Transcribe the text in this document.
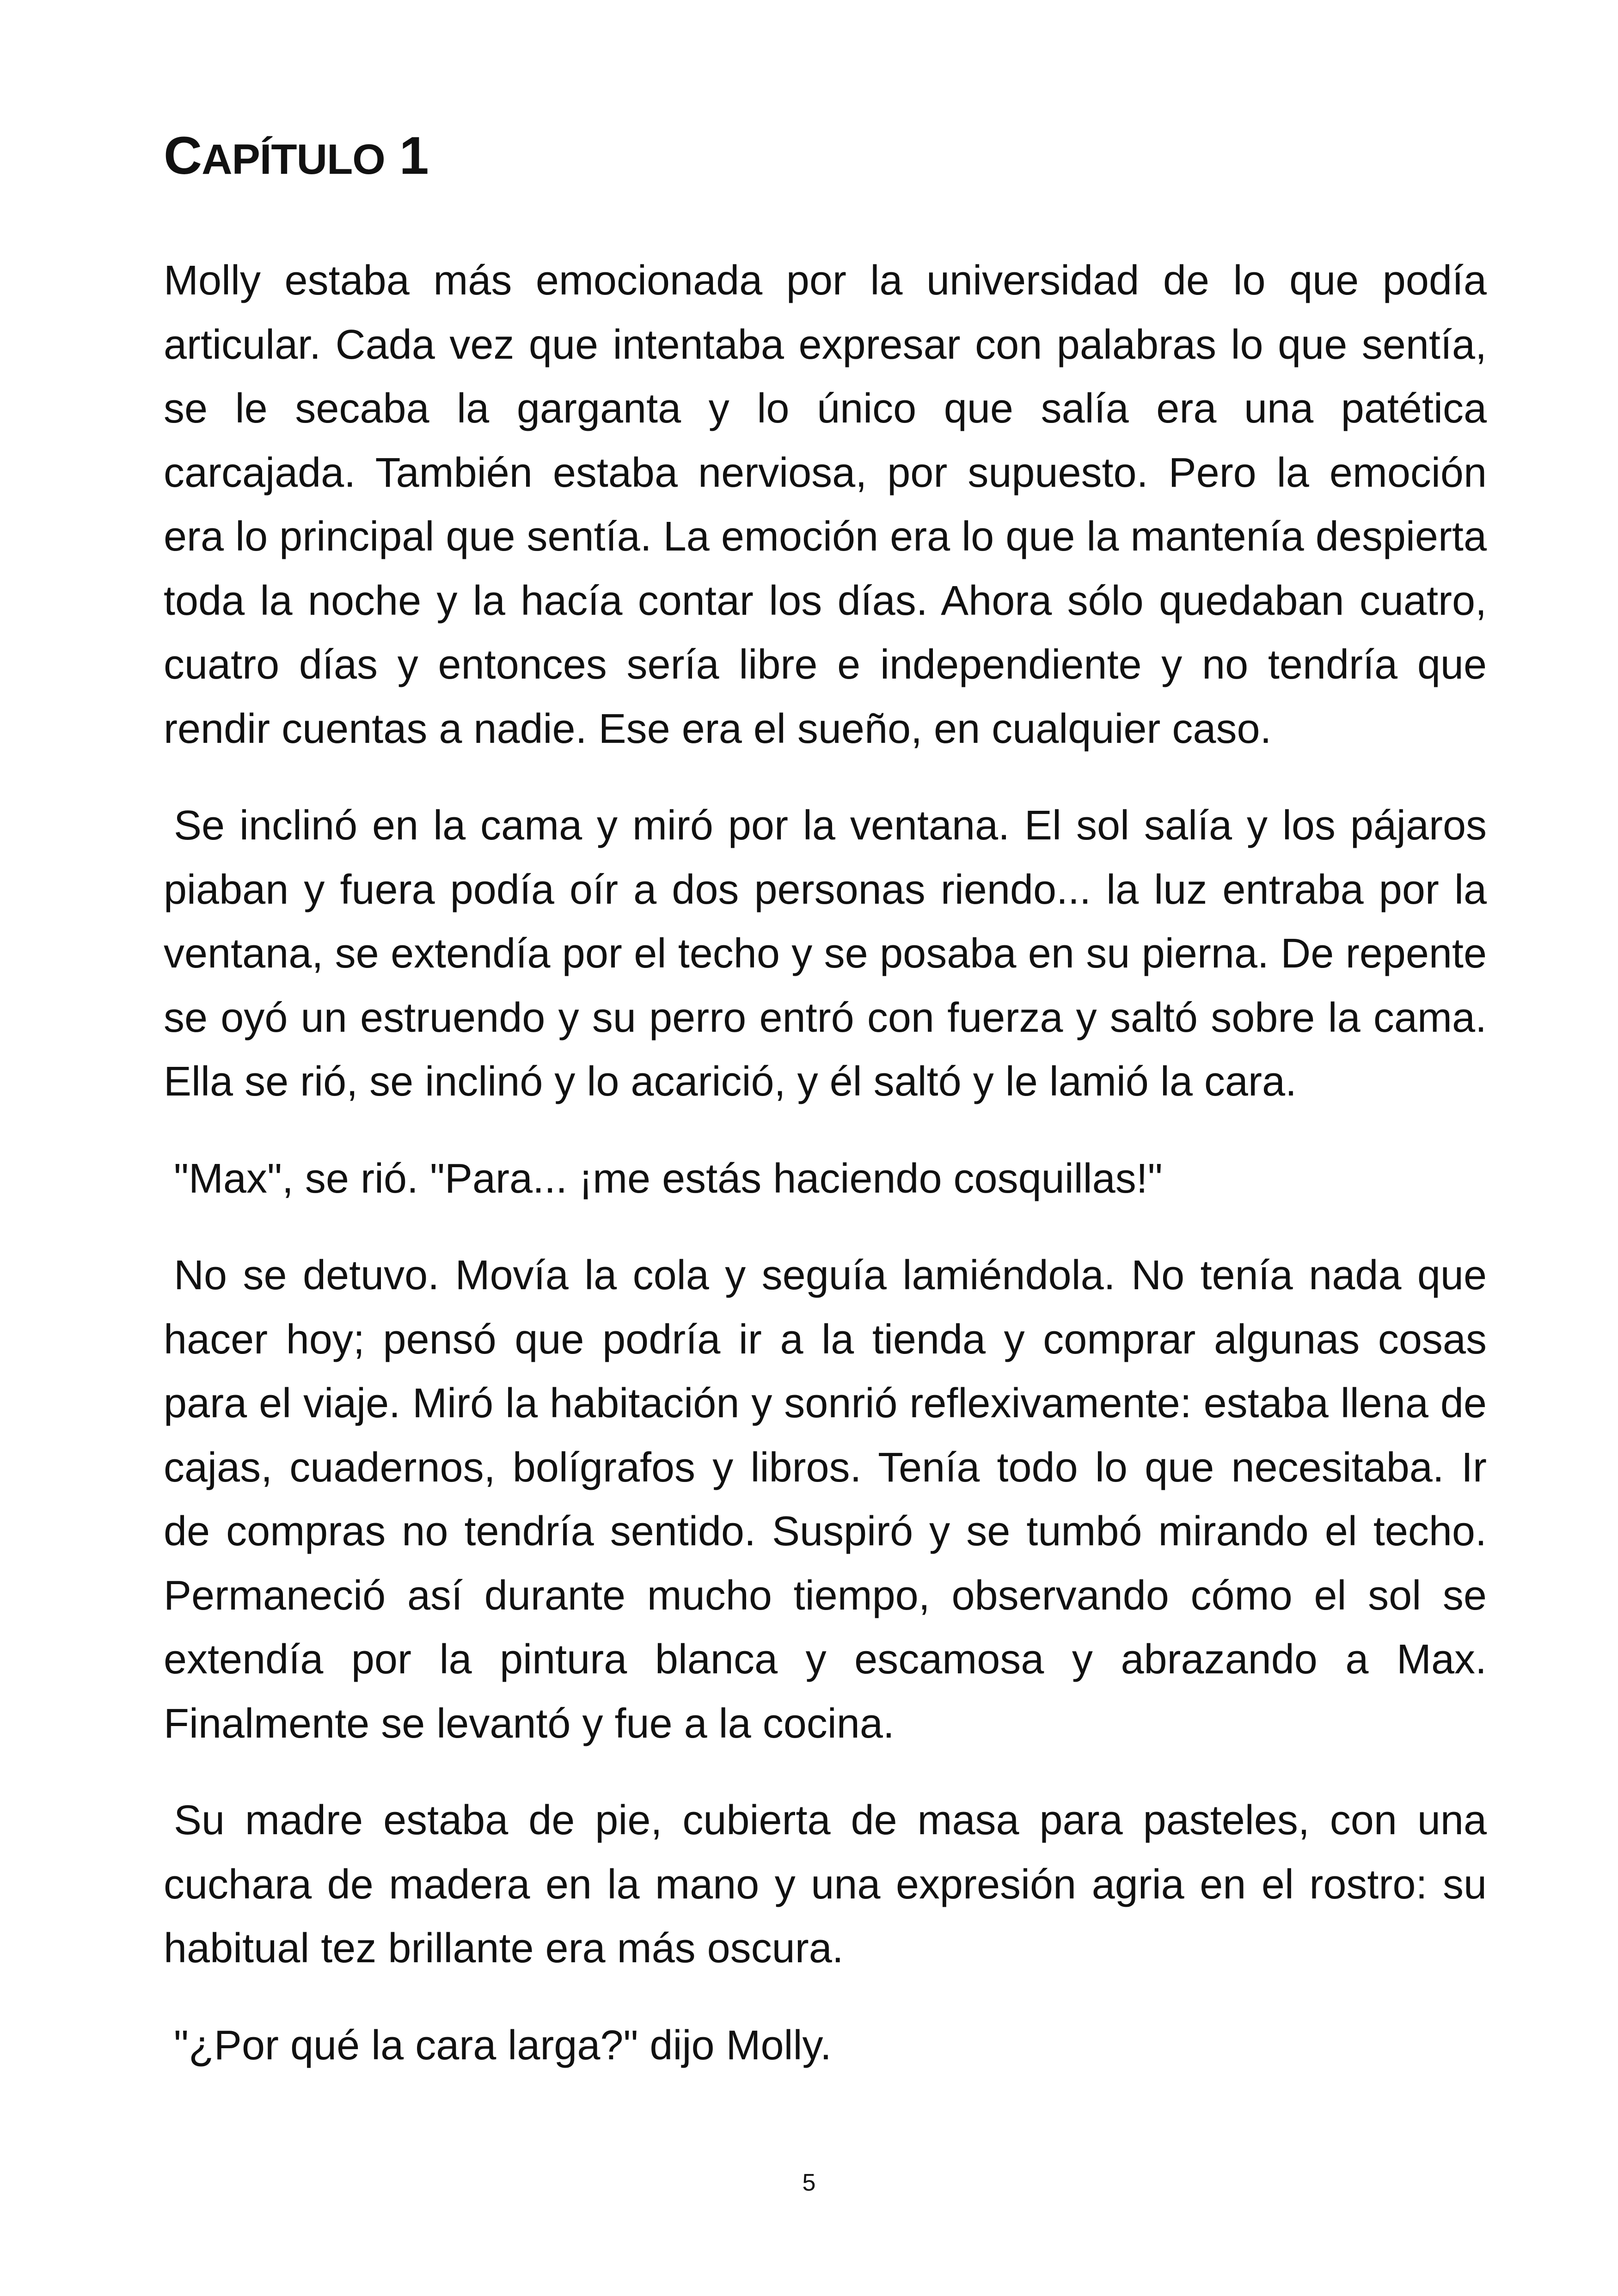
CAPÍTULO 1

Molly estaba más emocionada por la universidad de lo que podía articular. Cada vez que intentaba expresar con palabras lo que sentía, se le secaba la garganta y lo único que salía era una patética carcajada. También estaba nerviosa, por supuesto. Pero la emoción era lo principal que sentía. La emoción era lo que la mantenía despierta toda la noche y la hacía contar los días. Ahora sólo quedaban cuatro, cuatro días y entonces sería libre e independiente y no tendría que rendir cuentas a nadie. Ese era el sueño, en cualquier caso.

Se inclinó en la cama y miró por la ventana. El sol salía y los pájaros piaban y fuera podía oír a dos personas riendo... la luz entraba por la ventana, se extendía por el techo y se posaba en su pierna. De repente se oyó un estruendo y su perro entró con fuerza y saltó sobre la cama. Ella se rió, se inclinó y lo acarició, y él saltó y le lamió la cara.

"Max", se rió. "Para... ¡me estás haciendo cosquillas!"

No se detuvo. Movía la cola y seguía lamiéndola. No tenía nada que hacer hoy; pensó que podría ir a la tienda y comprar algunas cosas para el viaje. Miró la habitación y sonrió reflexivamente: estaba llena de cajas, cuadernos, bolígrafos y libros. Tenía todo lo que necesitaba. Ir de compras no tendría sentido. Suspiró y se tumbó mirando el techo. Permaneció así durante mucho tiempo, observando cómo el sol se extendía por la pintura blanca y escamosa y abrazando a Max. Finalmente se levantó y fue a la cocina.

Su madre estaba de pie, cubierta de masa para pasteles, con una cuchara de madera en la mano y una expresión agria en el rostro: su habitual tez brillante era más oscura.

"¿Por qué la cara larga?" dijo Molly.

5
